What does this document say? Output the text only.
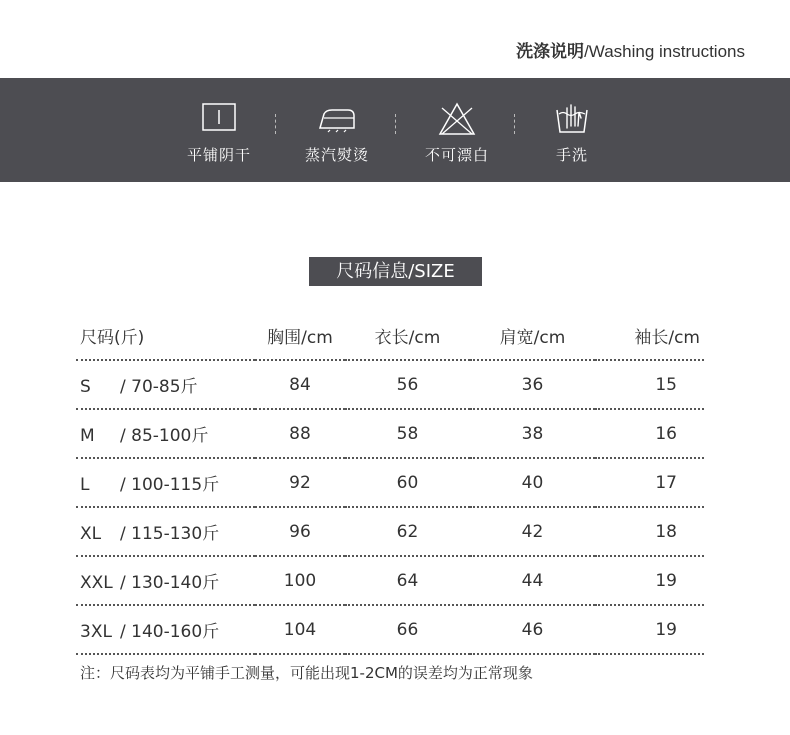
洗涤说明/Washing instructions
平铺阴干	蒸汽熨烫	不可漂白	手洗
尺码信息/SIZE
尺码(斤)	胸围/cm	衣长/cm	肩宽/cm	袖长/cm
S / 70-85斤	84	56	36	15
M / 85-100斤	88	58	38	16
L / 100-115斤	92	60	40	17
XL / 115-130斤	96	62	42	18
XXL / 130-140斤	100	64	44	19
3XL / 140-160斤	104	66	46	19
注：尺码表均为平铺手工测量，可能出现1-2CM的误差均为正常现象
